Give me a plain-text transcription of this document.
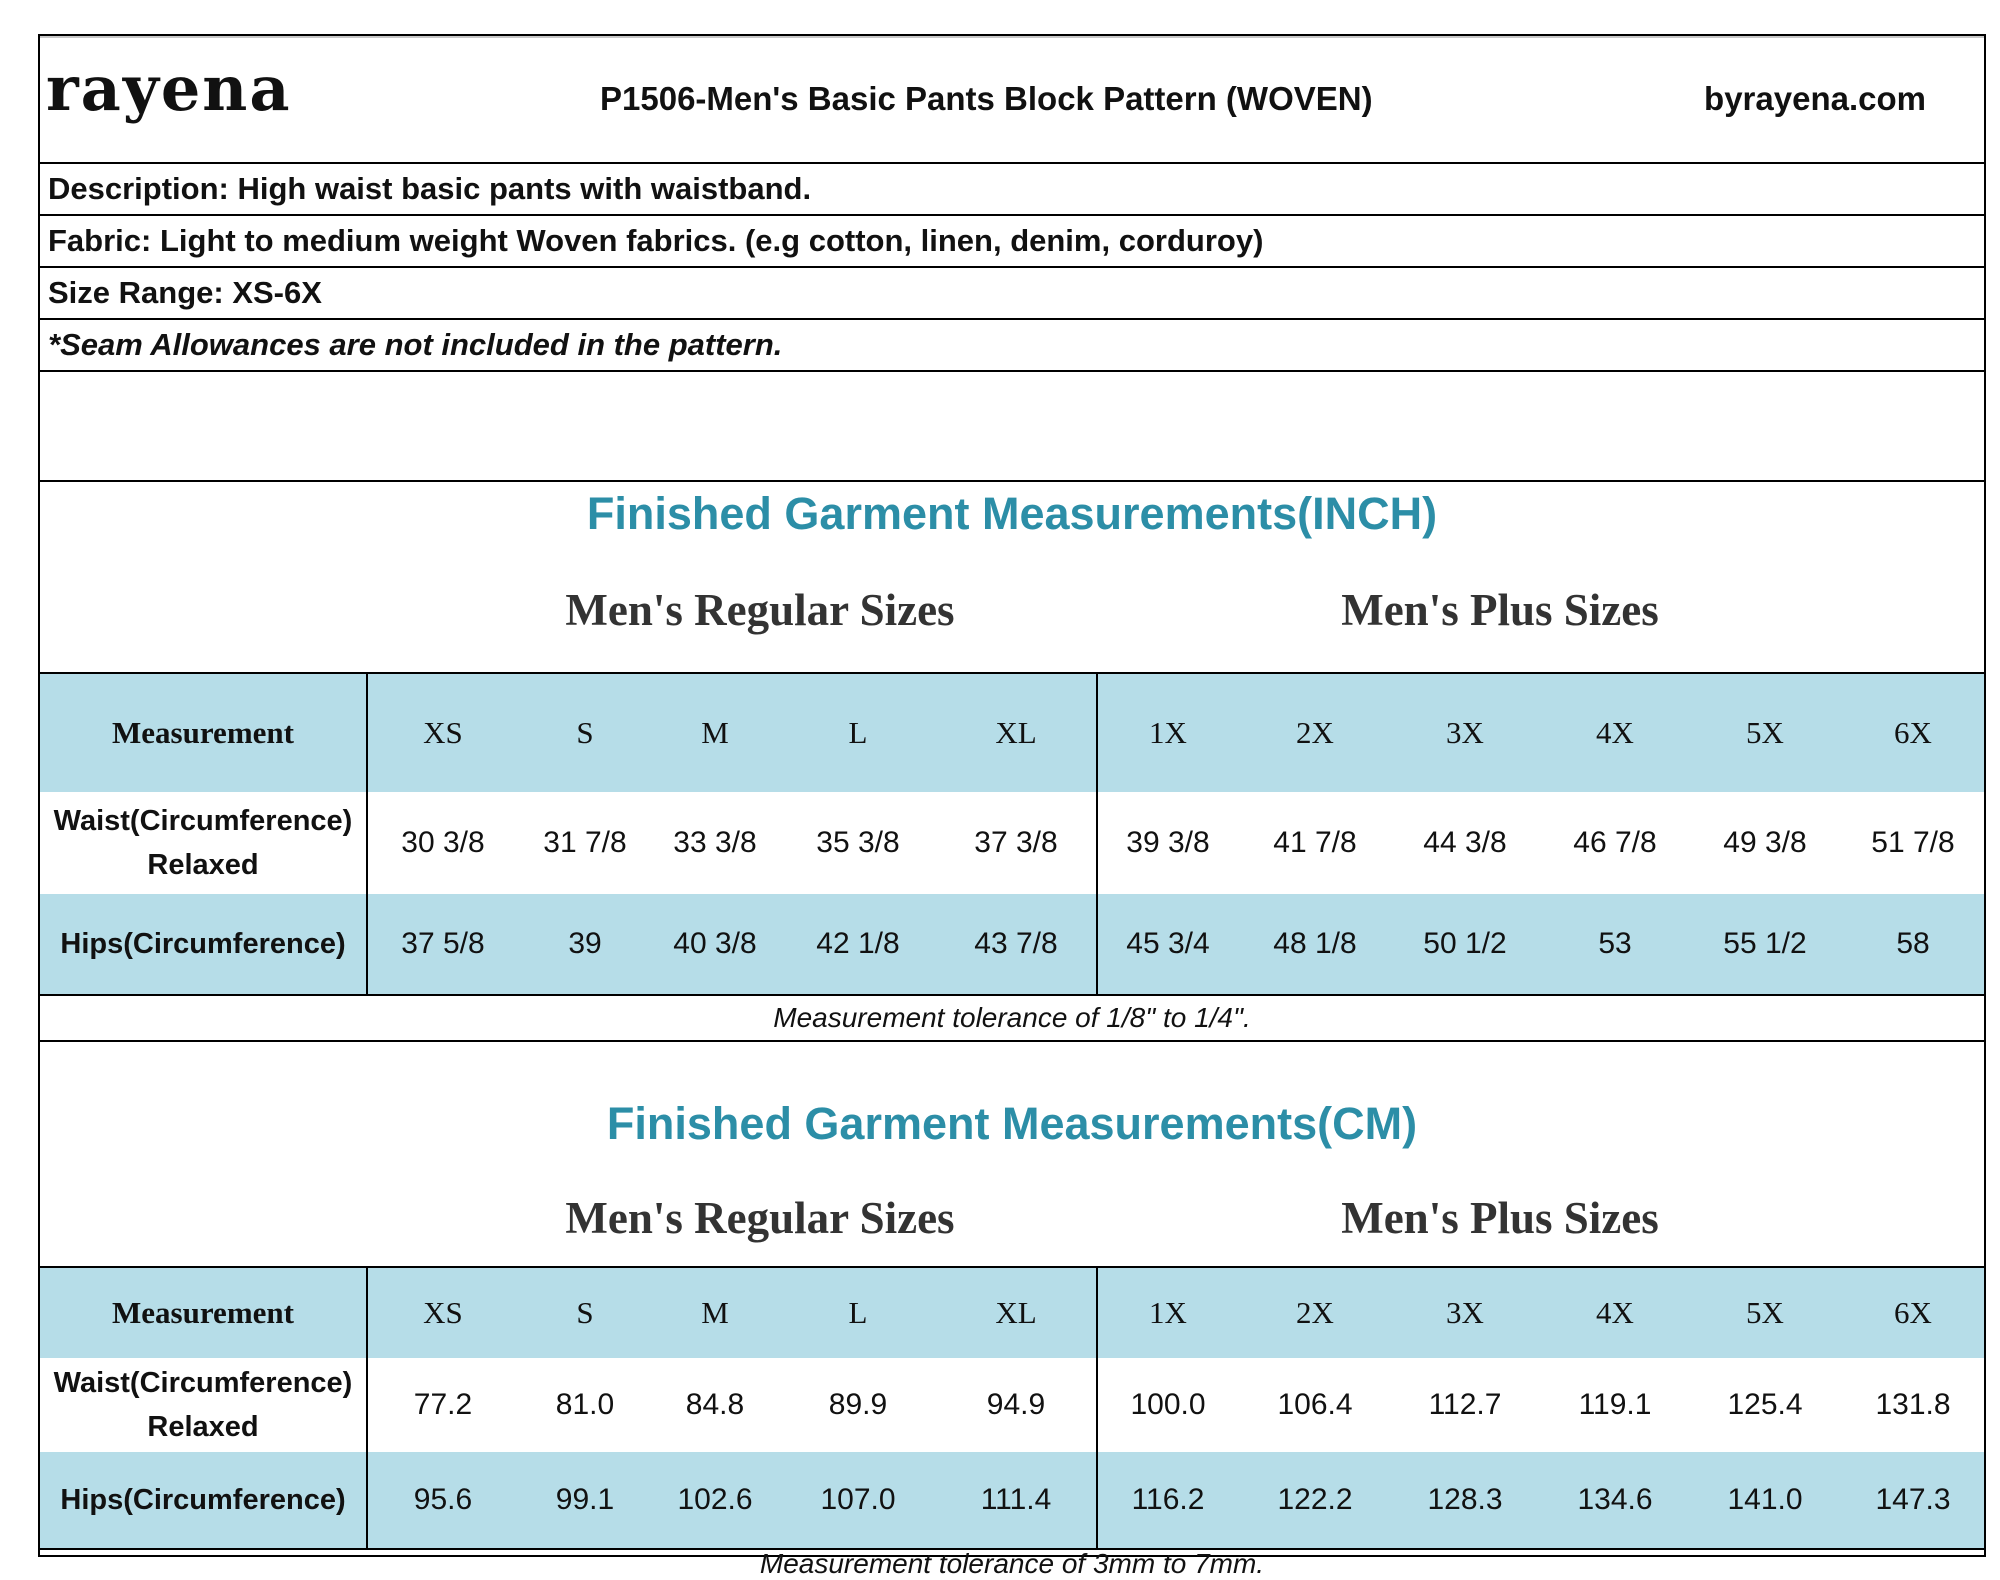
rayena	P1506-Men's Basic Pants Block Pattern (WOVEN)	byrayena.com
Description: High waist basic pants with waistband.
Fabric: Light to medium weight Woven fabrics. (e.g cotton, linen, denim, corduroy)
Size Range: XS-6X
*Seam Allowances are not included in the pattern.
Finished Garment Measurements(INCH)
Men's Regular Sizes	Men's Plus Sizes
Measurement	XS	S	M	L	XL	1X	2X	3X	4X	5X	6X
Waist(Circumference)
Relaxed
30 3/8	31 7/8	33 3/8	35 3/8	37 3/8	39 3/8	41 7/8	44 3/8	46 7/8	49 3/8	51 7/8
Hips(Circumference)	37 5/8	39	40 3/8	42 1/8	43 7/8	45 3/4	48 1/8	50 1/2	53	55 1/2	58
Measurement tolerance of 1/8" to 1/4".
Finished Garment Measurements(CM)
Men's Regular Sizes	Men's Plus Sizes
Measurement	XS	S	M	L	XL	1X	2X	3X	4X	5X	6X
Waist(Circumference)
Relaxed
77.2	81.0	84.8	89.9	94.9	100.0	106.4	112.7	119.1	125.4	131.8
Hips(Circumference)	95.6	99.1	102.6	107.0	111.4	116.2	122.2	128.3	134.6	141.0	147.3
Measurement tolerance of 3mm to 7mm.
